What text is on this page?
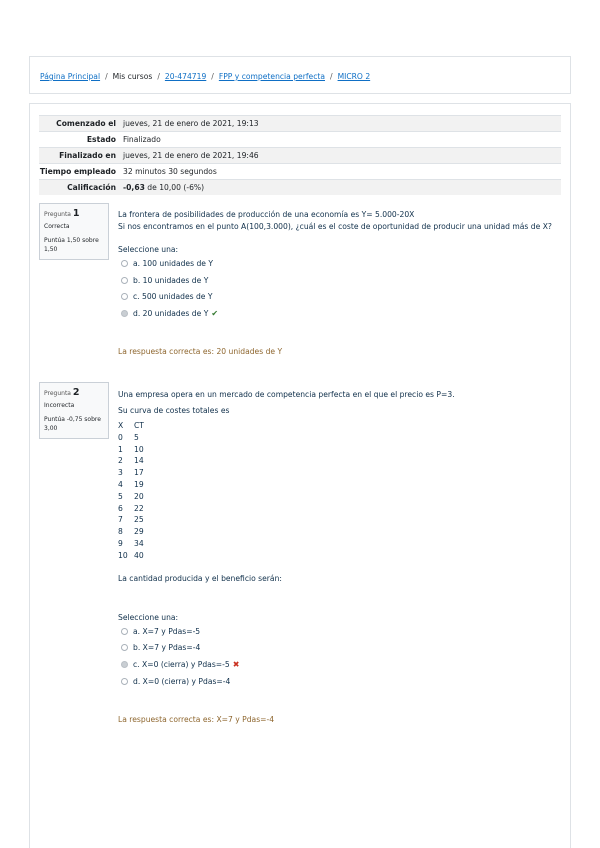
Página Principal / Mis cursos / 20-474719 / FPP y competencia perfecta / MICRO 2
Comenzado el	jueves, 21 de enero de 2021, 19:13
Estado	Finalizado
Finalizado en	jueves, 21 de enero de 2021, 19:46
Tiempo empleado	32 minutos 30 segundos
Calificación	-0,63 de 10,00 (-6%)
Pregunta 1
Correcta
Puntúa 1,50 sobre 1,50

La frontera de posibilidades de producción de una economía es Y= 5.000-20X

Si nos encontramos en el punto A(100,3.000), ¿cuál es el coste de oportunidad de producir una unidad más de X?

Seleccione una:
a. 100 unidades de Y
b. 10 unidades de Y
c. 500 unidades de Y
d. 20 unidades de Y ✔
La respuesta correcta es: 20 unidades de Y
Pregunta 2
Incorrecta
Puntúa -0,75 sobre 3,00

Una empresa opera en un mercado de competencia perfecta en el que el precio es P=3.

Su curva de costes totales es

X	CT
0	5
1	10
2	14
3	17
4	19
5	20
6	22
7	25
8	29
9	34
10	40
La cantidad producida y el beneficio serán:
Seleccione una:
a. X=7 y Pdas=-5
b. X=7 y Pdas=-4
c. X=0 (cierra) y Pdas=-5 ✖
d. X=0 (cierra) y Pdas=-4
La respuesta correcta es: X=7 y Pdas=-4
